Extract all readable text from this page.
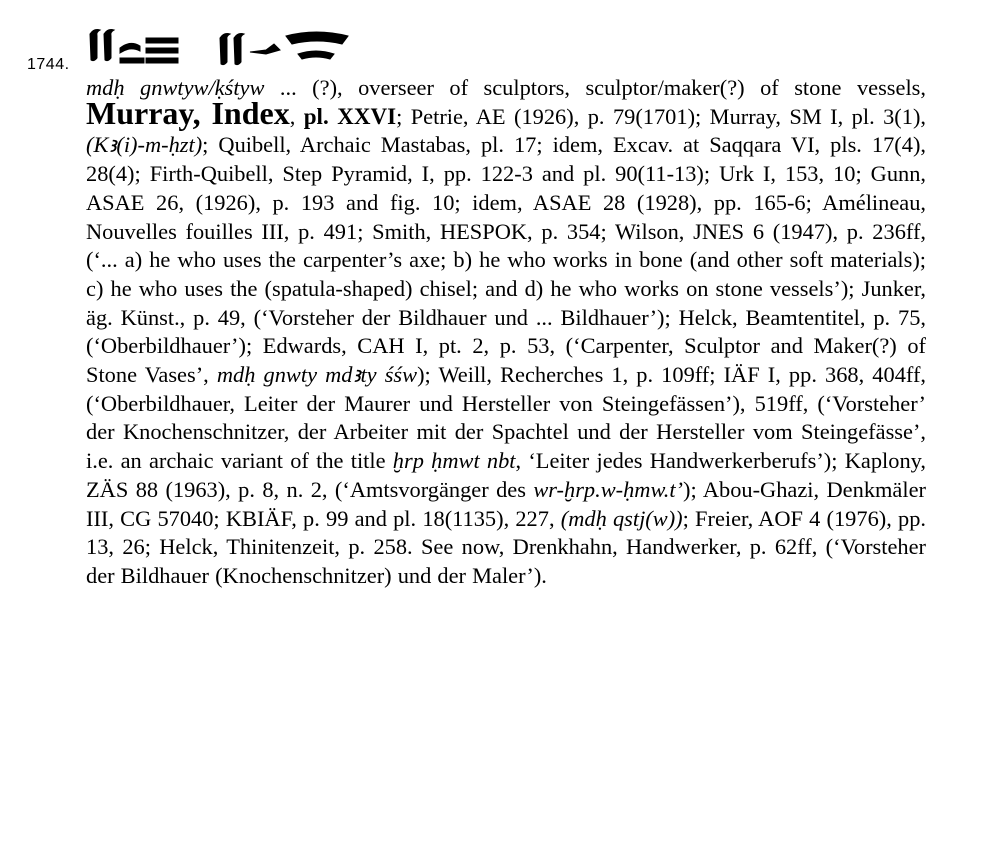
1744.
mdḥ gnwtyw/ḳśtyw ... (?), overseer of sculptors, sculptor/maker(?) of stone vessels, Murray, Index, pl. XXVI; Petrie, AE (1926), p. 79(1701); Murray, SM I, pl. 3(1), (Kꜣ(i)-m-ḥzt); Quibell, Archaic Mastabas, pl. 17; idem, Excav. at Saqqara VI, pls. 17(4), 28(4); Firth-Quibell, Step Pyramid, I, pp. 122-3 and pl. 90(11-13); Urk I, 153, 10; Gunn, ASAE 26, (1926), p. 193 and fig. 10; idem, ASAE 28 (1928), pp. 165-6; Amélineau, Nouvelles fouilles III, p. 491; Smith, HESPOK, p. 354; Wilson, JNES 6 (1947), p. 236ff, (‘... a) he who uses the carpenter’s axe; b) he who works in bone (and other soft materials); c) he who uses the (spatula-shaped) chisel; and d) he who works on stone vessels’); Junker, äg. Künst., p. 49, (‘Vorsteher der Bildhauer und ... Bildhauer’); Helck, Beamtentitel, p. 75, (‘Oberbildhauer’); Edwards, CAH I, pt. 2, p. 53, (‘Carpenter, Sculptor and Maker(?) of Stone Vases’, mdḥ gnwty mdꜣty śśw); Weill, Recherches 1, p. 109ff; IÄF I, pp. 368, 404ff, (‘Oberbildhauer, Leiter der Maurer und Hersteller von Steingefässen’), 519ff, (‘Vorsteher’ der Knochenschnitzer, der Arbeiter mit der Spachtel und der Hersteller vom Steingefässe’, i.e. an archaic variant of the title ḫrp ḥmwt nbt, ‘Leiter jedes Handwerkerberufs’); Kaplony, ZÄS 88 (1963), p. 8, n. 2, (‘Amtsvorgänger des wr-ḫrp.w-ḥmw.t’); Abou-Ghazi, Denkmäler III, CG 57040; KBIÄF, p. 99 and pl. 18(1135), 227, (mdḥ qstj(w)); Freier, AOF 4 (1976), pp. 13, 26; Helck, Thinitenzeit, p. 258. See now, Drenkhahn, Handwerker, p. 62ff, (‘Vorsteher der Bildhauer (Knochenschnitzer) und der Maler’).
